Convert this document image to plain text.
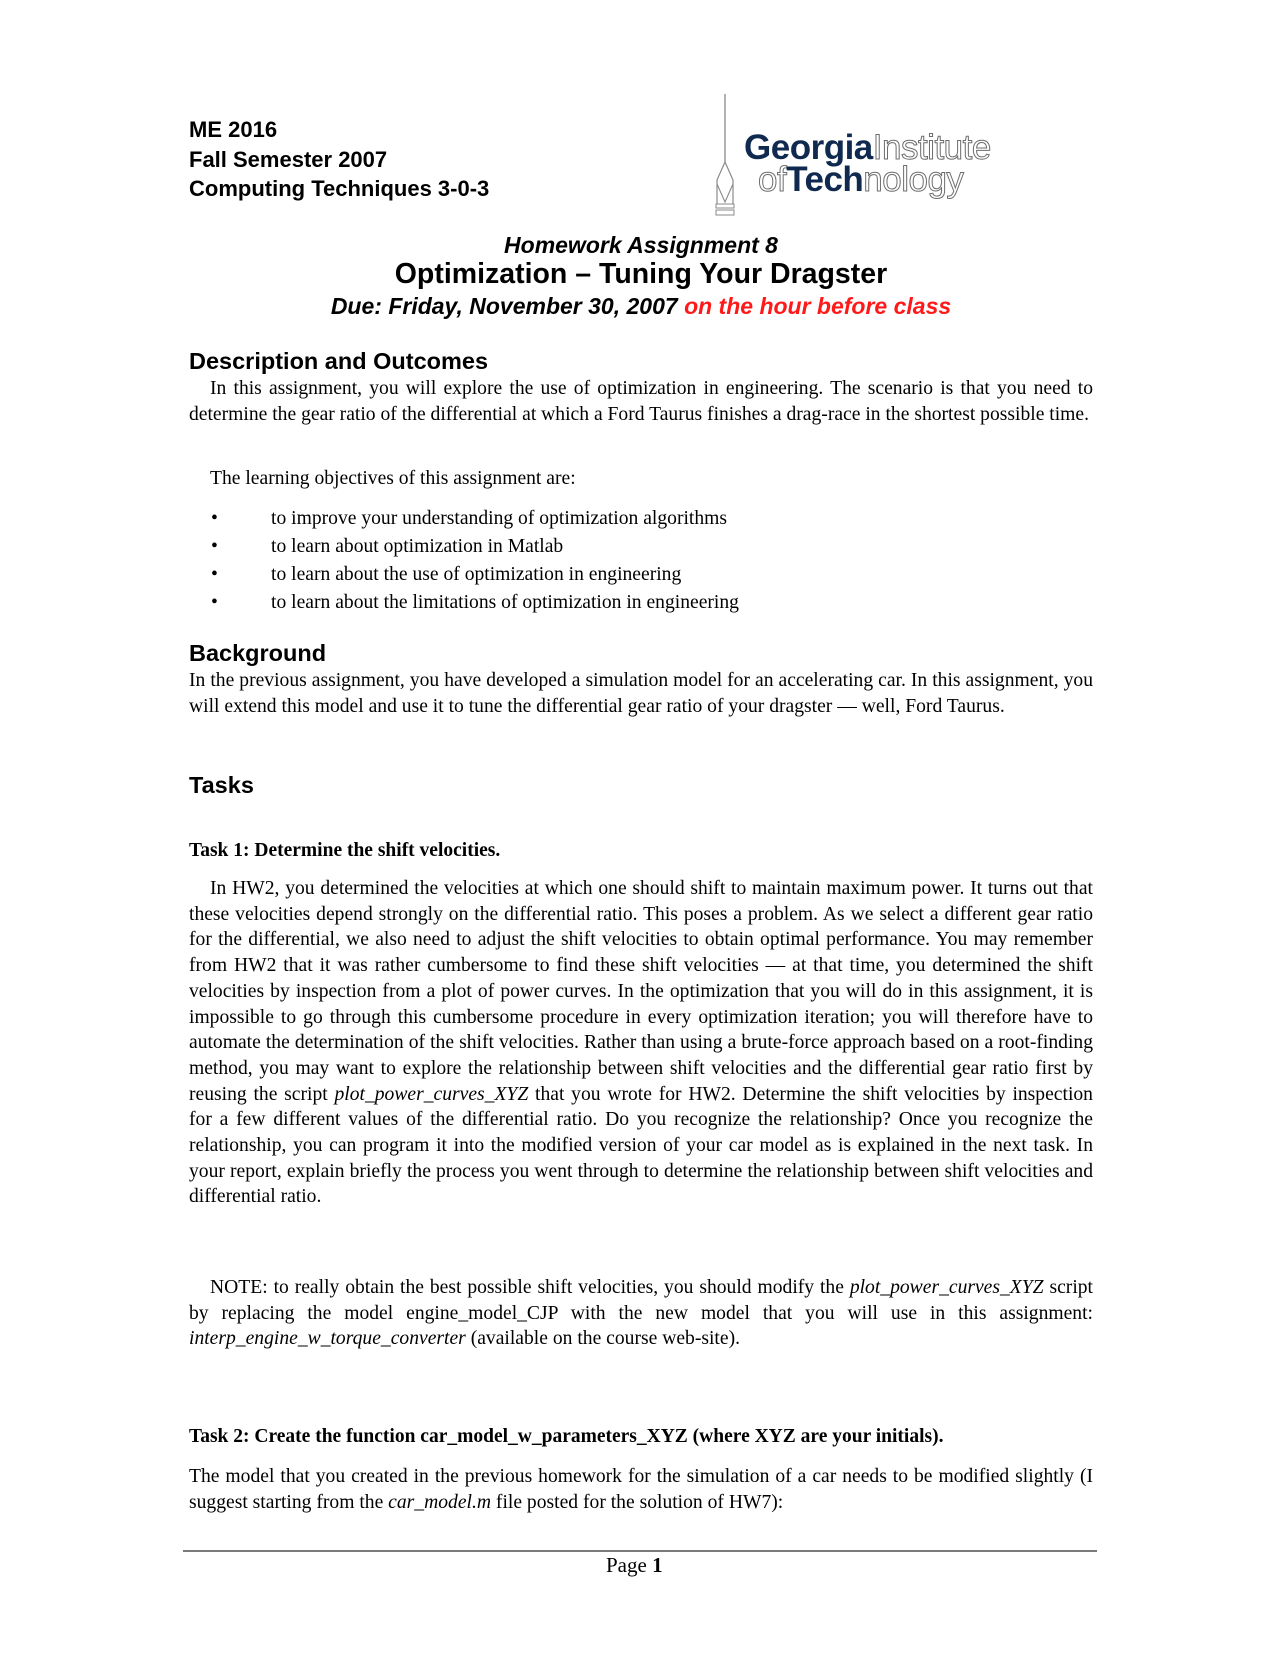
ME 2016
Fall Semester 2007
Computing Techniques 3-0-3
GeorgiaInstitute
ofTechnology
Homework Assignment 8
Optimization – Tuning Your Dragster
Due: Friday, November 30, 2007 on the hour before class
Description and Outcomes
In this assignment, you will explore the use of optimization in engineering. The scenario is that you need to determine the gear ratio of the differential at which a Ford Taurus finishes a drag-race in the shortest possible time.
The learning objectives of this assignment are:
•	to improve your understanding of optimization algorithms
•	to learn about optimization in Matlab
•	to learn about the use of optimization in engineering
•	to learn about the limitations of optimization in engineering
Background
In the previous assignment, you have developed a simulation model for an accelerating car. In this assignment, you will extend this model and use it to tune the differential gear ratio of your dragster — well, Ford Taurus.
Tasks
Task 1: Determine the shift velocities.
In HW2, you determined the velocities at which one should shift to maintain maximum power. It turns out that these velocities depend strongly on the differential ratio. This poses a problem. As we select a different gear ratio for the differential, we also need to adjust the shift velocities to obtain optimal performance. You may remember from HW2 that it was rather cumbersome to find these shift velocities — at that time, you determined the shift velocities by inspection from a plot of power curves. In the optimization that you will do in this assignment, it is impossible to go through this cumbersome procedure in every optimization iteration; you will therefore have to automate the determination of the shift velocities. Rather than using a brute-force approach based on a root-finding method, you may want to explore the relationship between shift velocities and the differential gear ratio first by reusing the script plot_power_curves_XYZ that you wrote for HW2. Determine the shift velocities by inspection for a few different values of the differential ratio. Do you recognize the relationship? Once you recognize the relationship, you can program it into the modified version of your car model as is explained in the next task. In your report, explain briefly the process you went through to determine the relationship between shift velocities and differential ratio.
NOTE: to really obtain the best possible shift velocities, you should modify the plot_power_curves_XYZ script by replacing the model engine_model_CJP with the new model that you will use in this assignment: interp_engine_w_torque_converter (available on the course web-site).
Task 2: Create the function car_model_w_parameters_XYZ (where XYZ are your initials).
The model that you created in the previous homework for the simulation of a car needs to be modified slightly (I suggest starting from the car_model.m file posted for the solution of HW7):
Page 1
